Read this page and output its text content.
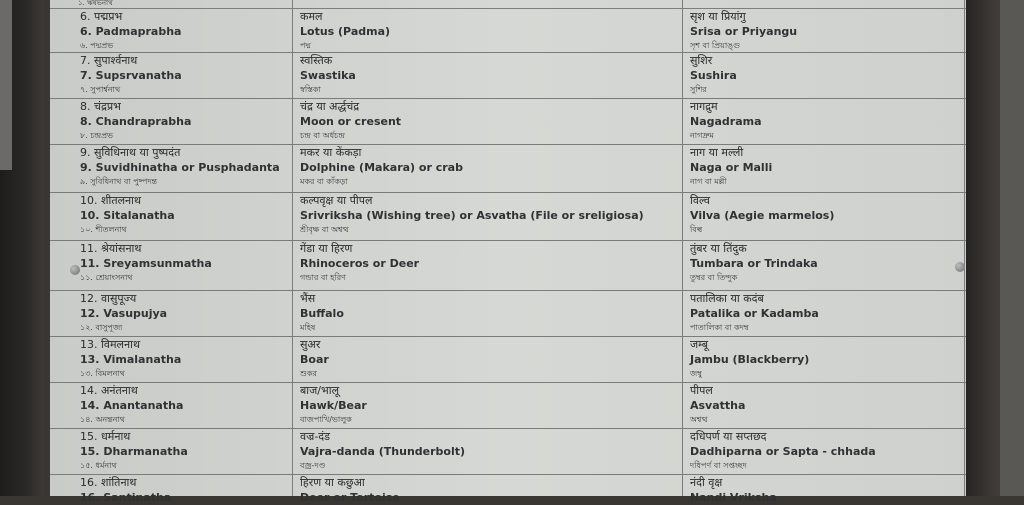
১. ঋষভনাথ
6. पद्मप्रभ
6. Padmaprabha
৬. পদ্মপ্রভ
कमल
Lotus (Padma)
পদ্ম
सृश या प्रियांगु
Srisa or Priyangu
সৃশ বা প্রিয়াঙ্গু
7. सुपार्श्वनाथ
7. Supsrvanatha
৭. সুপার্শ্বনাথ
स्वस्तिक
Swastika
স্বস্তিকা
सुशिर
Sushira
সুশির
8. चंद्रप्रभ
8. Chandraprabha
৮. চন্দ্রপ্রভ
चंद्र या अर्द्धचंद्र
Moon or cresent
চন্দ্র বা অর্ধচন্দ্র
नागद्रुम
Nagadrama
নাগদ্রুম
9. सुविधिनाथ या पुष्पदंत
9. Suvidhinatha or Pusphadanta
৯. সুবিধিনাথ বা পুষ্পদন্ত
मकर या केंकड़ा
Dolphine (Makara) or crab
মকর বা কাঁকড়া
नाग या मल्ली
Naga or Malli
নাগ বা মল্লী
10. शीतलनाथ
10. Sitalanatha
১০. শীতলনাথ
कल्पवृक्ष या पीपल
Srivriksha (Wishing tree) or Asvatha (File or sreligiosa)
শ্রীবৃক্ষ বা অশ্বত্থ
विल्व
Vilva (Aegie marmelos)
বিল্ব
11. श्रेयांसनाथ
11. Sreyamsunmatha
১১. শ্রেয়াংসনাথ
गेंडा या हिरण
Rhinoceros or Deer
গন্ডার বা হরিণ
तुंबर या तिंदुक
Tumbara or Trindaka
তুম্বর বা তিন্দুক
12. वासुपूज्य
12. Vasupujya
১২. বাসুপূজ্য
भैंस
Buffalo
মহিষ
पतालिका या कदंब
Patalika or Kadamba
পাতালিকা বা কদম্ব
13. विमलनाथ
13. Vimalanatha
১৩. বিমলনাথ
सुअर
Boar
শুকর
जम्बू
Jambu (Blackberry)
জম্বু
14. अनंतनाथ
14. Anantanatha
১৪. অনন্তনাথ
बाज/भालू
Hawk/Bear
বাজপাখি/ভালুক
पीपल
Asvattha
অশ্বত্থ
15. धर्मनाथ
15. Dharmanatha
১৫. ধর্মনাথ
वज्र-दंड
Vajra-danda (Thunderbolt)
বজ্র-দণ্ড
दधिपर्ण या सप्तछद
Dadhiparna or Sapta - chhada
দধিপর্ণ বা সপ্তচ্ছদ
16. शांतिनाथ
16. Santinatha
हिरण या कछुआ
Deer or Tortoise
नंदी वृक्ष
Nandi Vriksha
